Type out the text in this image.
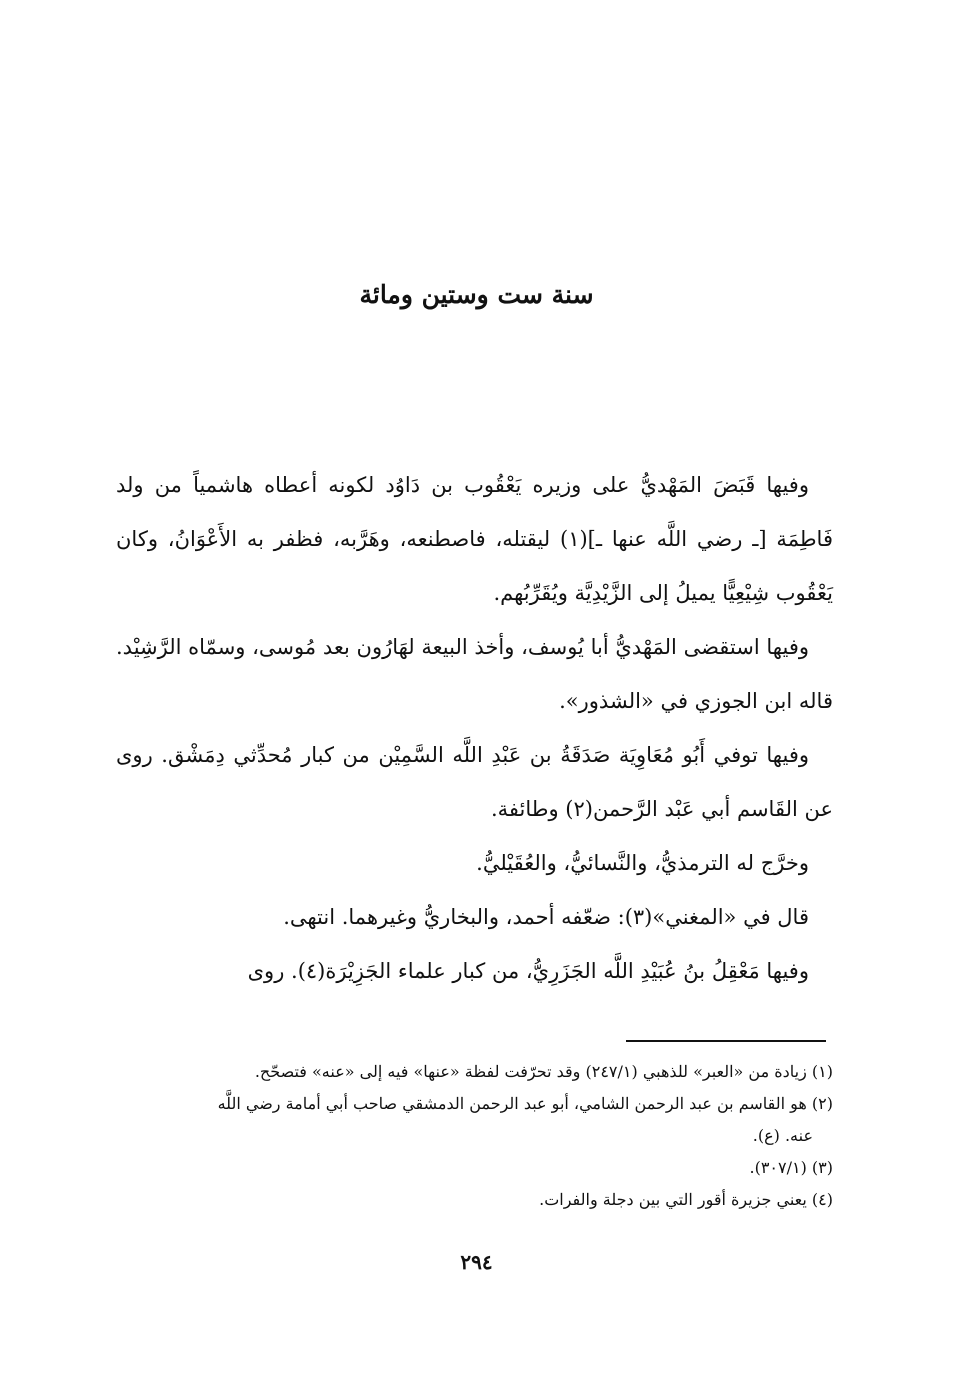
سنة ست وستين ومائة

وفيها قَبَضَ المَهْديُّ على وزيره يَعْقُوب بن دَاوُد لكونه أعطاه هاشمياً من ولد فَاطِمَة [ـ رضي اللَّه عنها ـ](١) ليقتله، فاصطنعه، وهَرَّبه، فظفر به الأَعْوَانُ، وكان يَعْقُوب شِيْعِيًّا يميلُ إلى الزَّيْدِيَّة ويُقَرِّبُهم.

وفيها استقضى المَهْديُّ أبا يُوسف، وأخذ البيعة لهَارُون بعد مُوسى، وسمّاه الرَّشِيْد. قاله ابن الجوزي في «الشذور».

وفيها توفي أَبُو مُعَاوِيَة صَدَقَةُ بن عَبْدِ اللَّه السَّمِيْن من كبار مُحدِّثي دِمَشْق. روى عن القَاسم أبي عَبْد الرَّحمن(٢) وطائفة.

وخرَّج له الترمذيُّ، والنَّسائيُّ، والعُقَيْليُّ.

قال في «المغني»(٣): ضعّفه أحمد، والبخاريُّ وغيرهما. انتهى.

وفيها مَعْقِلُ بنُ عُبَيْدِ اللَّه الجَزَرِيُّ، من كبار علماء الجَزِيْرَة(٤). روى

(١) زيادة من «العبر» للذهبي (٢٤٧/١) وقد تحرّفت لفظة «عنها» فيه إلى «عنه» فتصحّح.

(٢) هو القاسم بن عبد الرحمن الشامي، أبو عبد الرحمن الدمشقي صاحب أبي أمامة رضي اللَّه

عنه. (ع).

(٣) (٣٠٧/١).

(٤) يعني جزيرة أقور التي بين دجلة والفرات.

٢٩٤
